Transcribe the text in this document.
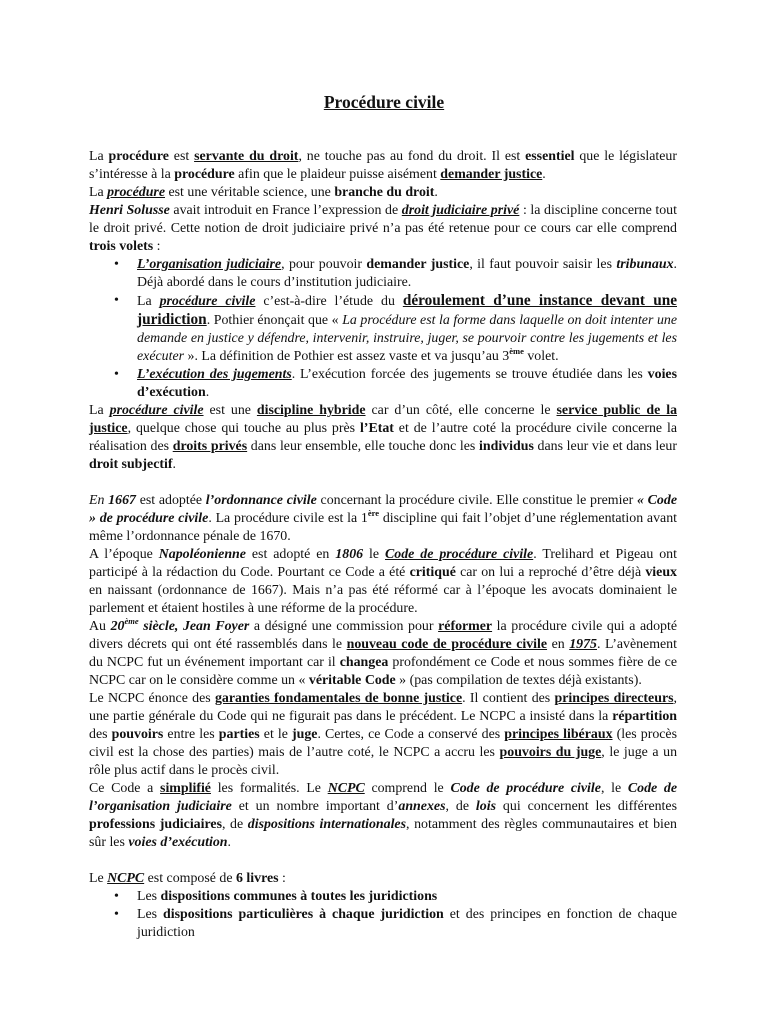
Procédure civile

La procédure est servante du droit, ne touche pas au fond du droit. Il est essentiel que le législateur s’intéresse à la procédure afin que le plaideur puisse aisément demander justice.
La procédure est une véritable science, une branche du droit.
Henri Solusse avait introduit en France l’expression de droit judiciaire privé : la discipline concerne tout le droit privé. Cette notion de droit judiciaire privé n’a pas été retenue pour ce cours car elle comprend trois volets :

• L’organisation judiciaire, pour pouvoir demander justice, il faut pouvoir saisir les tribunaux. Déjà abordé dans le cours d’institution judiciaire.
• La procédure civile c’est-à-dire l’étude du déroulement d’une instance devant une juridiction. Pothier énonçait que « La procédure est la forme dans laquelle on doit intenter une demande en justice y défendre, intervenir, instruire, juger, se pourvoir contre les jugements et les exécuter ». La définition de Pothier est assez vaste et va jusqu’au 3ème volet.
• L’exécution des jugements. L’exécution forcée des jugements se trouve étudiée dans les voies d’exécution.

La procédure civile est une discipline hybride car d’un côté, elle concerne le service public de la justice, quelque chose qui touche au plus près l’Etat et de l’autre coté la procédure civile concerne la réalisation des droits privés dans leur ensemble, elle touche donc les individus dans leur vie et dans leur droit subjectif.

En 1667 est adoptée l’ordonnance civile concernant la procédure civile. Elle constitue le premier « Code » de procédure civile. La procédure civile est la 1ère discipline qui fait l’objet d’une réglementation avant même l’ordonnance pénale de 1670.

A l’époque Napoléonienne est adopté en 1806 le Code de procédure civile. Trelihard et Pigeau ont participé à la rédaction du Code. Pourtant ce Code a été critiqué car on lui a reproché d’être déjà vieux en naissant (ordonnance de 1667). Mais n’a pas été réformé car à l’époque les avocats dominaient le parlement et étaient hostiles à une réforme de la procédure.

Au 20ème siècle, Jean Foyer a désigné une commission pour réformer la procédure civile qui a adopté divers décrets qui ont été rassemblés dans le nouveau code de procédure civile en 1975. L’avènement du NCPC fut un événement important car il changea profondément ce Code et nous sommes fière de ce NCPC car on le considère comme un « véritable Code » (pas compilation de textes déjà existants).

Le NCPC énonce des garanties fondamentales de bonne justice. Il contient des principes directeurs, une partie générale du Code qui ne figurait pas dans le précédent. Le NCPC a insisté dans la répartition des pouvoirs entre les parties et le juge. Certes, ce Code a conservé des principes libéraux (les procès civil est la chose des parties) mais de l’autre coté, le NCPC a accru les pouvoirs du juge, le juge a un rôle plus actif dans le procès civil.

Ce Code a simplifié les formalités. Le NCPC comprend le Code de procédure civile, le Code de l’organisation judiciaire et un nombre important d’annexes, de lois qui concernent les différentes professions judiciaires, de dispositions internationales, notamment des règles communautaires et bien sûr les voies d’exécution.

Le NCPC est composé de 6 livres :

• Les dispositions communes à toutes les juridictions
• Les dispositions particulières à chaque juridiction et des principes en fonction de chaque juridiction
